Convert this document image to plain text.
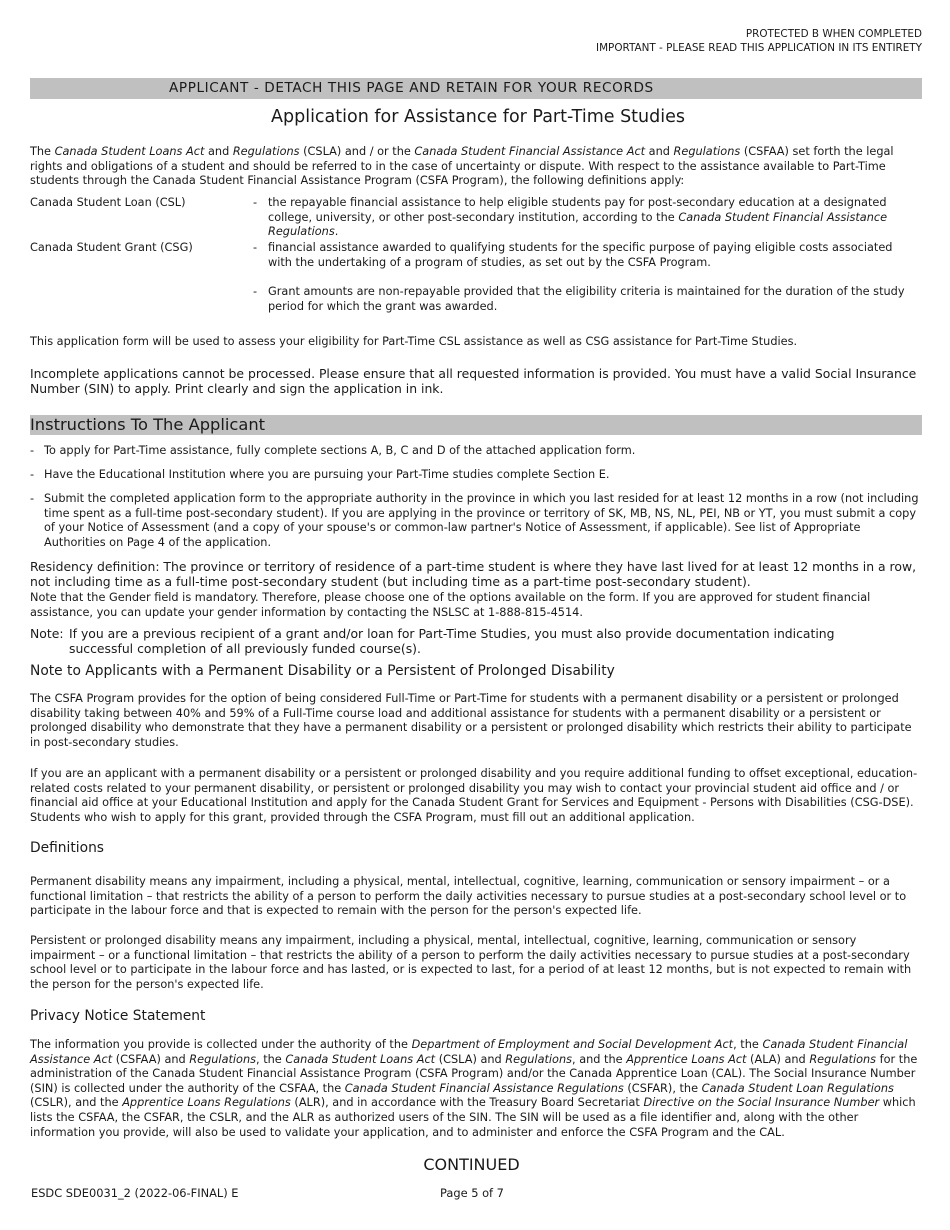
PROTECTED B WHEN COMPLETED
IMPORTANT - PLEASE READ THIS APPLICATION IN ITS ENTIRETY
APPLICANT - DETACH THIS PAGE AND RETAIN FOR YOUR RECORDS
Application for Assistance for Part-Time Studies

The Canada Student Loans Act and Regulations (CSLA) and / or the Canada Student Financial Assistance Act and Regulations (CSFAA) set forth the legal rights and obligations of a student and should be referred to in the case of uncertainty or dispute. With respect to the assistance available to Part-Time students through the Canada Student Financial Assistance Program (CSFA Program), the following definitions apply:

Canada Student Loan (CSL)	- the repayable financial assistance to help eligible students pay for post-secondary education at a designated college, university, or other post-secondary institution, according to the Canada Student Financial Assistance Regulations.
Canada Student Grant (CSG)	- financial assistance awarded to qualifying students for the specific purpose of paying eligible costs associated with the undertaking of a program of studies, as set out by the CSFA Program.
- Grant amounts are non-repayable provided that the eligibility criteria is maintained for the duration of the study period for which the grant was awarded.

This application form will be used to assess your eligibility for Part-Time CSL assistance as well as CSG assistance for Part-Time Studies.

Incomplete applications cannot be processed. Please ensure that all requested information is provided. You must have a valid Social Insurance Number (SIN) to apply. Print clearly and sign the application in ink.

Instructions To The Applicant
- To apply for Part-Time assistance, fully complete sections A, B, C and D of the attached application form.
- Have the Educational Institution where you are pursuing your Part-Time studies complete Section E.
- Submit the completed application form to the appropriate authority in the province in which you last resided for at least 12 months in a row (not including time spent as a full-time post-secondary student). If you are applying in the province or territory of SK, MB, NS, NL, PEI, NB or YT, you must submit a copy of your Notice of Assessment (and a copy of your spouse's or common-law partner's Notice of Assessment, if applicable). See list of Appropriate Authorities on Page 4 of the application.

Residency definition: The province or territory of residence of a part-time student is where they have last lived for at least 12 months in a row, not including time as a full-time post-secondary student (but including time as a part-time post-secondary student).

Note that the Gender field is mandatory. Therefore, please choose one of the options available on the form. If you are approved for student financial assistance, you can update your gender information by contacting the NSLSC at 1-888-815-4514.

Note: If you are a previous recipient of a grant and/or loan for Part-Time Studies, you must also provide documentation indicating successful completion of all previously funded course(s).
Note to Applicants with a Permanent Disability or a Persistent of Prolonged Disability

The CSFA Program provides for the option of being considered Full-Time or Part-Time for students with a permanent disability or a persistent or prolonged disability taking between 40% and 59% of a Full-Time course load and additional assistance for students with a permanent disability or a persistent or prolonged disability who demonstrate that they have a permanent disability or a persistent or prolonged disability which restricts their ability to participate in post-secondary studies.

If you are an applicant with a permanent disability or a persistent or prolonged disability and you require additional funding to offset exceptional, education-related costs related to your permanent disability, or persistent or prolonged disability you may wish to contact your provincial student aid office and / or financial aid office at your Educational Institution and apply for the Canada Student Grant for Services and Equipment - Persons with Disabilities (CSG-DSE). Students who wish to apply for this grant, provided through the CSFA Program, must fill out an additional application.

Definitions

Permanent disability means any impairment, including a physical, mental, intellectual, cognitive, learning, communication or sensory impairment – or a functional limitation – that restricts the ability of a person to perform the daily activities necessary to pursue studies at a post-secondary school level or to participate in the labour force and that is expected to remain with the person for the person's expected life.

Persistent or prolonged disability means any impairment, including a physical, mental, intellectual, cognitive, learning, communication or sensory impairment – or a functional limitation – that restricts the ability of a person to perform the daily activities necessary to pursue studies at a post-secondary school level or to participate in the labour force and has lasted, or is expected to last, for a period of at least 12 months, but is not expected to remain with the person for the person's expected life.

Privacy Notice Statement

The information you provide is collected under the authority of the Department of Employment and Social Development Act, the Canada Student Financial Assistance Act (CSFAA) and Regulations, the Canada Student Loans Act (CSLA) and Regulations, and the Apprentice Loans Act (ALA) and Regulations for the administration of the Canada Student Financial Assistance Program (CSFA Program) and/or the Canada Apprentice Loan (CAL). The Social Insurance Number (SIN) is collected under the authority of the CSFAA, the Canada Student Financial Assistance Regulations (CSFAR), the Canada Student Loan Regulations (CSLR), and the Apprentice Loans Regulations (ALR), and in accordance with the Treasury Board Secretariat Directive on the Social Insurance Number which lists the CSFAA, the CSFAR, the CSLR, and the ALR as authorized users of the SIN. The SIN will be used as a file identifier and, along with the other information you provide, will also be used to validate your application, and to administer and enforce the CSFA Program and the CAL.

CONTINUED
ESDC SDE0031_2 (2022-06-FINAL) E	Page 5 of 7
